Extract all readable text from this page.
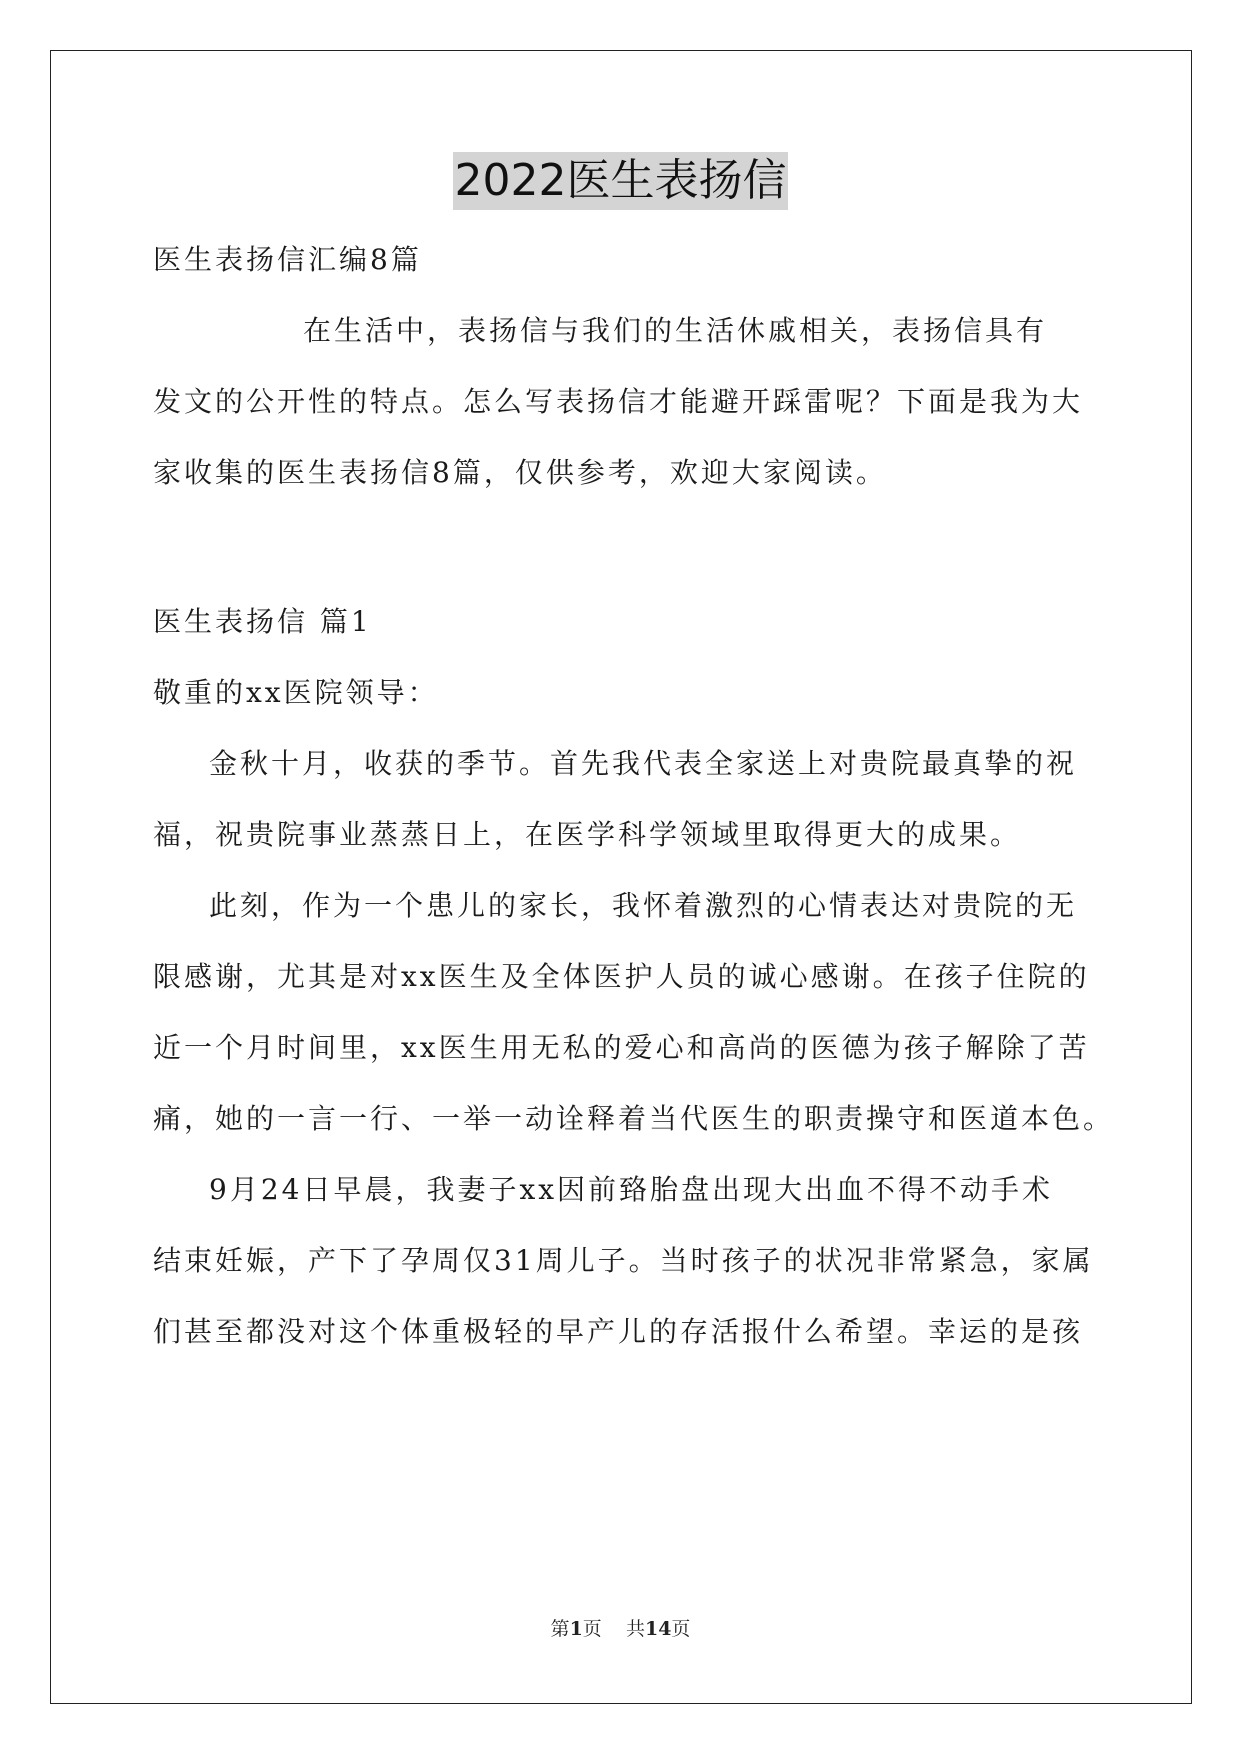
2022医生表扬信
医生表扬信汇编8篇
在生活中，表扬信与我们的生活休戚相关，表扬信具有
发文的公开性的特点。怎么写表扬信才能避开踩雷呢？下面是我为大
家收集的医生表扬信8篇，仅供参考，欢迎大家阅读。
医生表扬信 篇1
敬重的xx医院领导：
金秋十月，收获的季节。首先我代表全家送上对贵院最真挚的祝
福，祝贵院事业蒸蒸日上，在医学科学领域里取得更大的成果。
此刻，作为一个患儿的家长，我怀着激烈的心情表达对贵院的无
限感谢，尤其是对xx医生及全体医护人员的诚心感谢。在孩子住院的
近一个月时间里，xx医生用无私的爱心和高尚的医德为孩子解除了苦
痛，她的一言一行、一举一动诠释着当代医生的职责操守和医道本色。
9月24日早晨，我妻子xx因前臵胎盘出现大出血不得不动手术
结束妊娠，产下了孕周仅31周儿子。当时孩子的状况非常紧急，家属
们甚至都没对这个体重极轻的早产儿的存活报什么希望。幸运的是孩
第1页    共14页
